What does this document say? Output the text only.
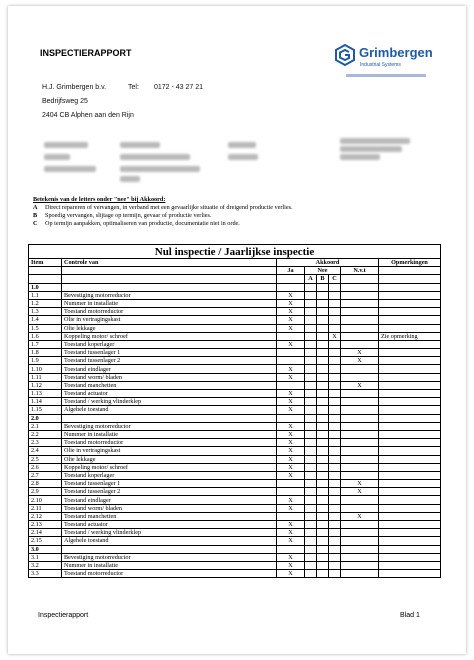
INSPECTIERAPPORT	Grimbergen
Industrial Systems
H.J. Grimbergen b.v.	Tel: 0172 - 43 27 21
Bedrijfsweg 25
2404 CB Alphen aan den Rijn
Betekenis van de letters onder "nee" bij Akkoord:
A Direct repareren of vervangen, in verband met een gevaarlijke situatie of dreigend productie verlies.
B Spoedig vervangen, slijtage op termijn, gevaar of productie verlies.
C Op termijn aanpakken, optimaliseren van productie, documentatie niet in orde.
Nul inspectie / Jaarlijkse inspectie							
Item	Controle van	Akkoord					Opmerkingen
		Ja	Nee			N.v.t	
			A	B	C		
1.0							
1.1	Bevestiging motorreductor	X					
1.2	Nummer in installatie	X					
1.3	Toestand motorreductor	X					
1.4	Olie in vertragingskast	X					
1.5	Olie lekkage	X					
1.6	Koppeling motor/ schroef				X		Zie opmerking
1.7	Toestand koperlager	X					
1.8	Toestand tussenlager 1					X	
1.9	Toestand tussenlager 2					X	
1.10	Toestand eindlager	X					
1.11	Toestand worm/ bladen	X					
1.12	Toestand manchetten					X	
1.13	Toestand actuator	X					
1.14	Toestand / werking vlinderklep	X					
1.15	Algehele toestand	X					
2.0							
2.1	Bevestiging motorreductor	X					
2.2	Nummer in installatie	X					
2.3	Toestand motorreductor	X					
2.4	Olie in vertragingskast	X					
2.5	Olie lekkage	X					
2.6	Koppeling motor/ schroef	X					
2.7	Toestand koperlager	X					
2.8	Toestand tussenlager 1					X	
2.9	Toestand tussenlager 2					X	
2.10	Toestand eindlager	X					
2.11	Toestand worm/ bladen	X					
2.12	Toestand manchetten					X	
2.13	Toestand actuator	X					
2.14	Toestand / werking vlinderklep	X					
2.15	Algehele toestand	X					
3.0							
3.1	Bevestiging motorreductor	X					
3.2	Nummer in installatie	X					
3.3	Toestand motorreductor	X					
Inspectierapport	Blad 1
